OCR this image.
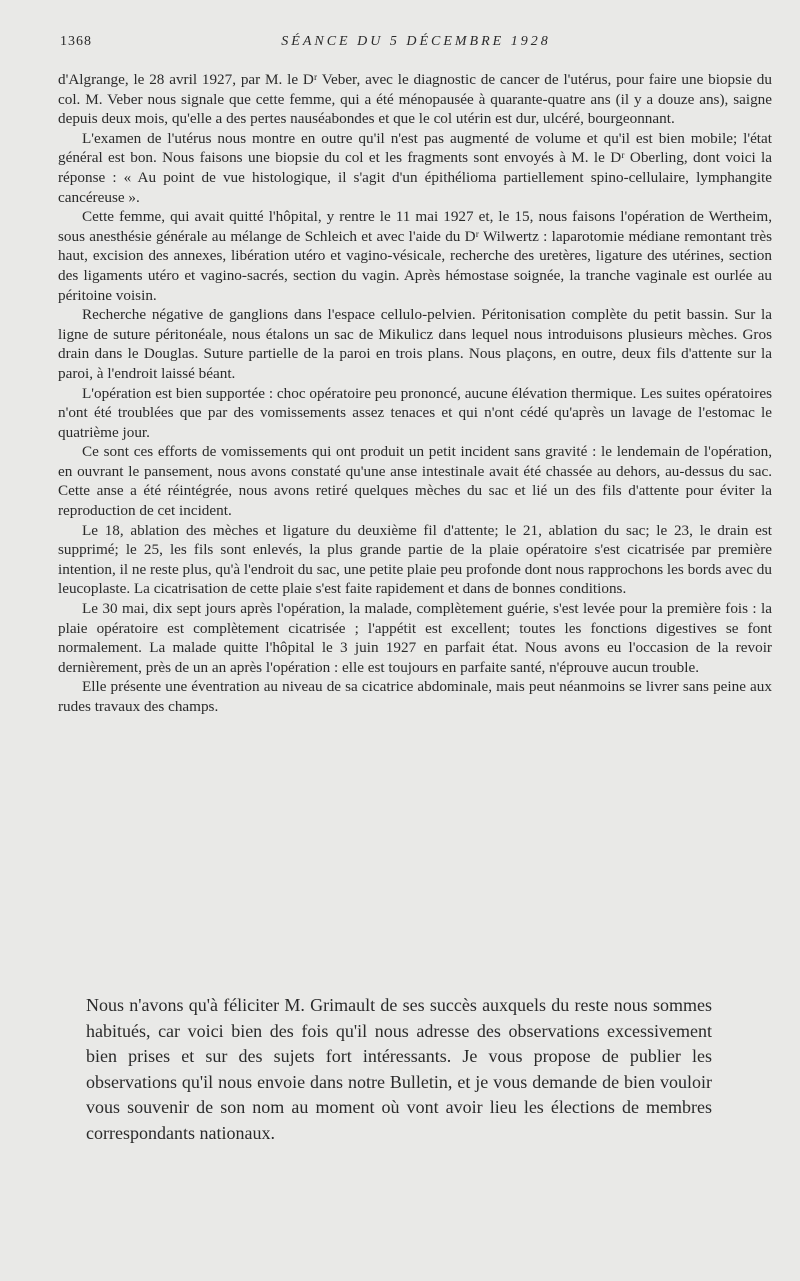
1368	SÉANCE DU 5 DÉCEMBRE 1928

d'Algrange, le 28 avril 1927, par M. le Dʳ Veber, avec le diagnostic de cancer de l'utérus, pour faire une biopsie du col. M. Veber nous signale que cette femme, qui a été ménopausée à quarante-quatre ans (il y a douze ans), saigne depuis deux mois, qu'elle a des pertes nauséabondes et que le col utérin est dur, ulcéré, bourgeonnant.

L'examen de l'utérus nous montre en outre qu'il n'est pas augmenté de volume et qu'il est bien mobile; l'état général est bon. Nous faisons une biopsie du col et les fragments sont envoyés à M. le Dʳ Oberling, dont voici la réponse : « Au point de vue histologique, il s'agit d'un épithélioma partiellement spino-cellulaire, lymphangite cancéreuse ».

Cette femme, qui avait quitté l'hôpital, y rentre le 11 mai 1927 et, le 15, nous faisons l'opération de Wertheim, sous anesthésie générale au mélange de Schleich et avec l'aide du Dʳ Wilwertz : laparotomie médiane remontant très haut, excision des annexes, libération utéro et vagino-vésicale, recherche des uretères, ligature des utérines, section des ligaments utéro et vagino-sacrés, section du vagin. Après hémostase soignée, la tranche vaginale est ourlée au péritoine voisin.

Recherche négative de ganglions dans l'espace cellulo-pelvien. Péritonisation complète du petit bassin. Sur la ligne de suture péritonéale, nous étalons un sac de Mikulicz dans lequel nous introduisons plusieurs mèches. Gros drain dans le Douglas. Suture partielle de la paroi en trois plans. Nous plaçons, en outre, deux fils d'attente sur la paroi, à l'endroit laissé béant.

L'opération est bien supportée : choc opératoire peu prononcé, aucune élévation thermique. Les suites opératoires n'ont été troublées que par des vomissements assez tenaces et qui n'ont cédé qu'après un lavage de l'estomac le quatrième jour.

Ce sont ces efforts de vomissements qui ont produit un petit incident sans gravité : le lendemain de l'opération, en ouvrant le pansement, nous avons constaté qu'une anse intestinale avait été chassée au dehors, au-dessus du sac. Cette anse a été réintégrée, nous avons retiré quelques mèches du sac et lié un des fils d'attente pour éviter la reproduction de cet incident.

Le 18, ablation des mèches et ligature du deuxième fil d'attente; le 21, ablation du sac; le 23, le drain est supprimé; le 25, les fils sont enlevés, la plus grande partie de la plaie opératoire s'est cicatrisée par première intention, il ne reste plus, qu'à l'endroit du sac, une petite plaie peu profonde dont nous rapprochons les bords avec du leucoplaste. La cicatrisation de cette plaie s'est faite rapidement et dans de bonnes conditions.

Le 30 mai, dix sept jours après l'opération, la malade, complètement guérie, s'est levée pour la première fois : la plaie opératoire est complètement cicatrisée ; l'appétit est excellent; toutes les fonctions digestives se font normalement. La malade quitte l'hôpital le 3 juin 1927 en parfait état. Nous avons eu l'occasion de la revoir dernièrement, près de un an après l'opération : elle est toujours en parfaite santé, n'éprouve aucun trouble.

Elle présente une éventration au niveau de sa cicatrice abdominale, mais peut néanmoins se livrer sans peine aux rudes travaux des champs.

Nous n'avons qu'à féliciter M. Grimault de ses succès auxquels du reste nous sommes habitués, car voici bien des fois qu'il nous adresse des observations excessivement bien prises et sur des sujets fort intéressants. Je vous propose de publier les observations qu'il nous envoie dans notre Bulletin, et je vous demande de bien vouloir vous souvenir de son nom au moment où vont avoir lieu les élections de membres correspondants nationaux.
